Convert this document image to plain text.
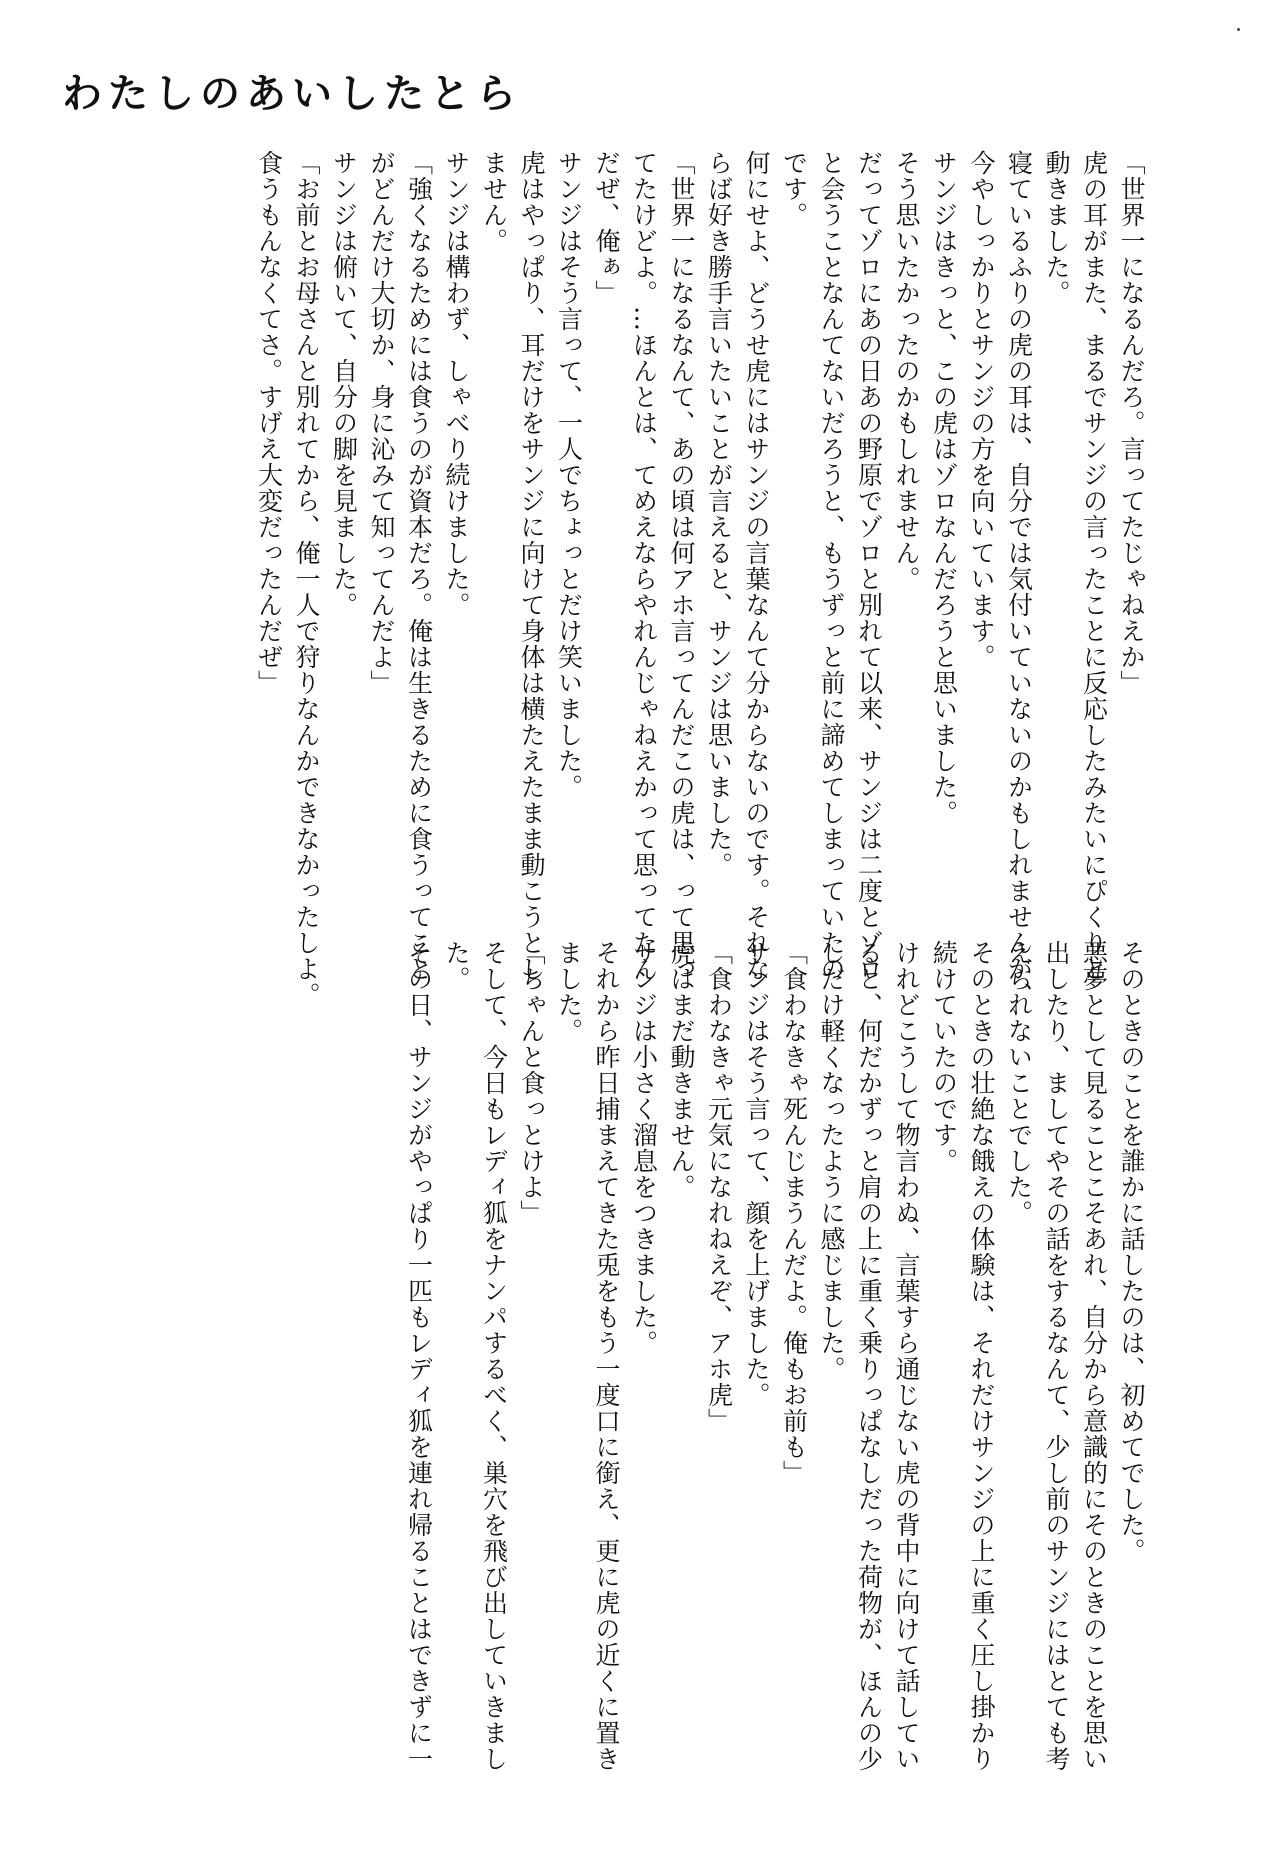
わたしのあいしたとら
「世界一になるんだろ。言ってたじゃねえか」
虎の耳がまた、まるでサンジの言ったことに反応したみたいにぴくりと
動きました。
寝ているふりの虎の耳は、自分では気付いていないのかもしれませんが、
今やしっかりとサンジの方を向いています。
サンジはきっと、この虎はゾロなんだろうと思いました。
そう思いたかったのかもしれません。
だってゾロにあの日あの野原でゾロと別れて以来、サンジは二度とゾロ
と会うことなんてないだろうと、もうずっと前に諦めてしまっていたの
です。
何にせよ、どうせ虎にはサンジの言葉なんて分からないのです。それな
らば好き勝手言いたいことが言えると、サンジは思いました。
「世界一になるなんて、あの頃は何アホ言ってんだこの虎は、って思っ
てたけどよ。…ほんとは、てめえならやれんじゃねえかって思ってたん
だぜ、俺ぁ」
サンジはそう言って、一人でちょっとだけ笑いました。
虎はやっぱり、耳だけをサンジに向けて身体は横たえたまま動こうとし
ません。
サンジは構わず、しゃべり続けました。
「強くなるためには食うのが資本だろ。俺は生きるために食うってこと
がどんだけ大切か、身に沁みて知ってんだよ」
サンジは俯いて、自分の脚を見ました。
「お前とお母さんと別れてから、俺一人で狩りなんかできなかったしよ。
食うもんなくてさ。すげえ大変だったんだぜ」
そのときのことを誰かに話したのは、初めてでした。
悪夢として見ることこそあれ、自分から意識的にそのときのことを思い
出したり、ましてやその話をするなんて、少し前のサンジにはとても考
えられないことでした。
そのときの壮絶な餓えの体験は、それだけサンジの上に重く圧し掛かり
続けていたのです。
けれどこうして物言わぬ、言葉すら通じない虎の背中に向けて話してい
ると、何だかずっと肩の上に重く乗りっぱなしだった荷物が、ほんの少
しだけ軽くなったように感じました。
「食わなきゃ死んじまうんだよ。俺もお前も」
サンジはそう言って、顔を上げました。
「食わなきゃ元気になれねえぞ、アホ虎」
虎はまだ動きません。
サンジは小さく溜息をつきました。
それから昨日捕まえてきた兎をもう一度口に銜え、更に虎の近くに置き
ました。
「ちゃんと食っとけよ」
そして、今日もレディ狐をナンパするべく、巣穴を飛び出していきまし
た。
その日、サンジがやっぱり一匹もレディ狐を連れ帰ることはできずに一
